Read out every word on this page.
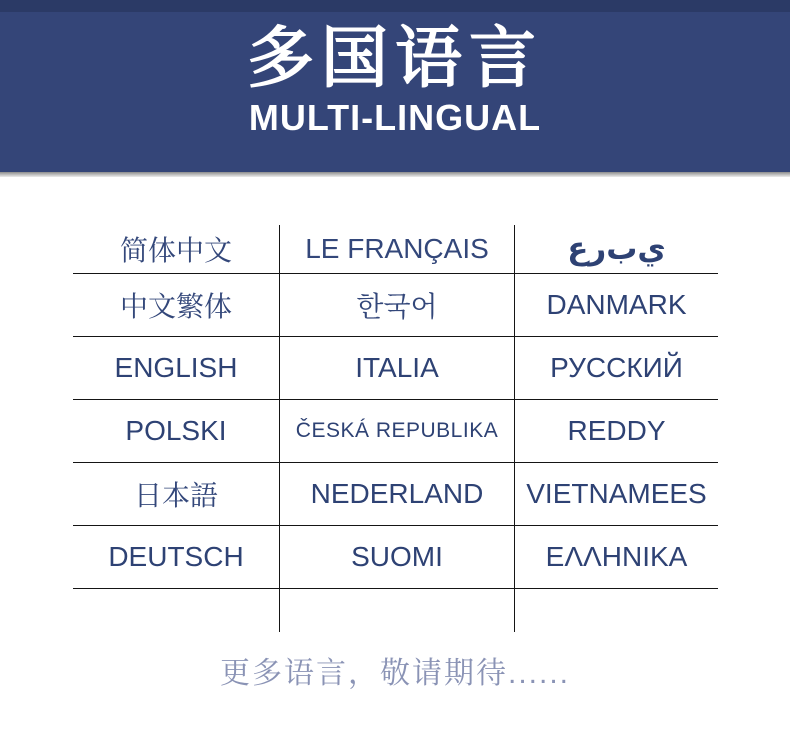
多国语言
MULTI-LINGUAL
简体中文	LE FRANÇAIS	ع‌ر‌ب‌ي
中文繁体	한국어	DANMARK
ENGLISH	ITALIA	РУССКИЙ
POLSKI	ČESKÁ REPUBLIKA	REDDY
日本語	NEDERLAND	VIETNAMEES
DEUTSCH	SUOMI	ΕΛΛΗΝΙΚΑ
更多语言，敬请期待......
